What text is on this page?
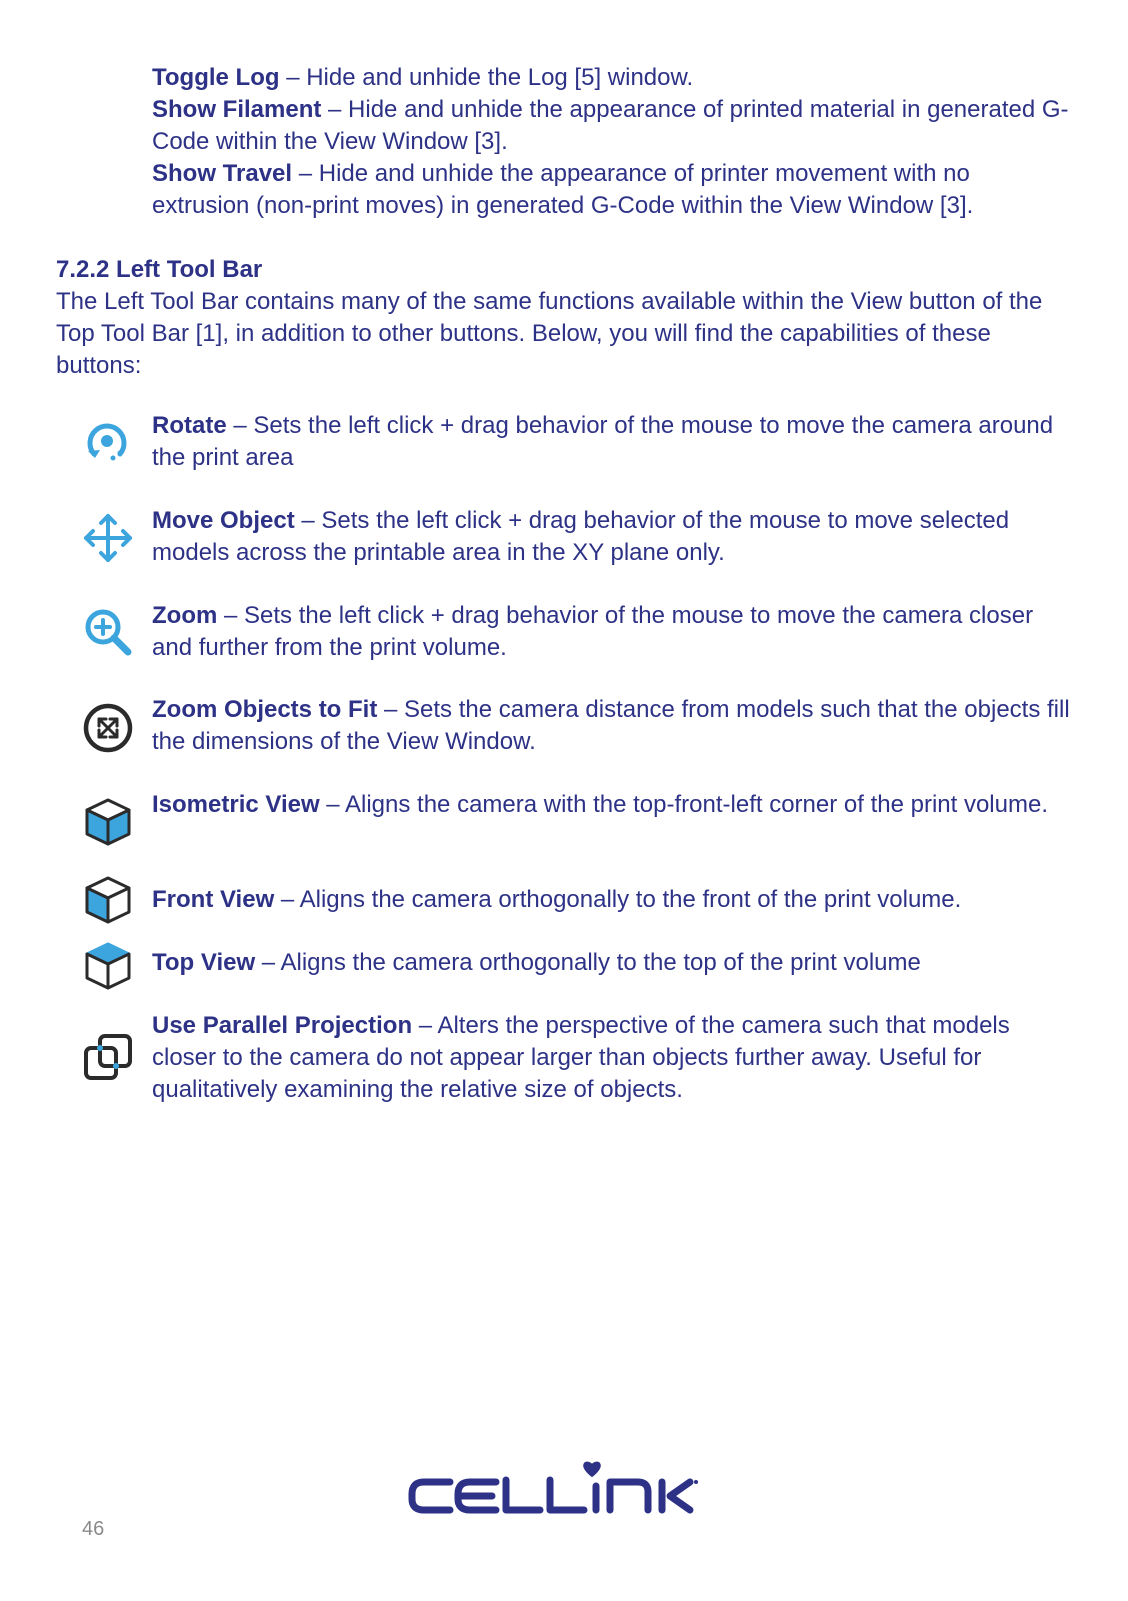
Toggle Log – Hide and unhide the Log [5] window.

Show Filament – Hide and unhide the appearance of printed material in generated G-Code within the View Window [3].

Show Travel – Hide and unhide the appearance of printer movement with no extrusion (non-print moves) in generated G-Code within the View Window [3].

7.2.2 Left Tool Bar

The Left Tool Bar contains many of the same functions available within the View button of the Top Tool Bar [1], in addition to other buttons. Below, you will find the capabilities of these buttons:

Rotate – Sets the left click + drag behavior of the mouse to move the camera around the print area
Move Object – Sets the left click + drag behavior of the mouse to move selected models across the printable area in the XY plane only.
Zoom – Sets the left click + drag behavior of the mouse to move the camera closer and further from the print volume.
Zoom Objects to Fit – Sets the camera distance from models such that the objects fill the dimensions of the View Window.
Isometric View – Aligns the camera with the top-front-left corner of the print volume.
Front View – Aligns the camera orthogonally to the front of the print volume.
Top View – Aligns the camera orthogonally to the top of the print volume
Use Parallel Projection – Alters the perspective of the camera such that models closer to the camera do not appear larger than objects further away. Useful for qualitatively examining the relative size of objects.
46
